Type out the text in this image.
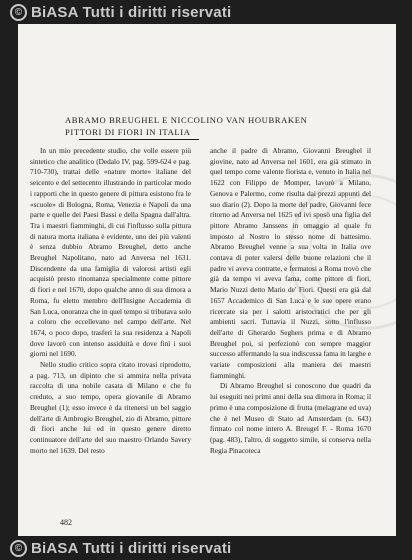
© BiASA Tutti i diritti riservati
ABRAMO BREUGHEL E NICCOLINO VAN HOUBRAKEN
PITTORI DI FIORI IN ITALIA

In un mio precedente studio, che volle essere più sintetico che analitico (Dedalo IV, pag. 599-624 e pag. 710-730), trattai delle «nature morte» italiane del seicento e del settecento illustrando in particolar modo i rapporti che in questo genere di pittura esistono fra le «scuole» di Bologna, Roma, Venezia e Napoli da una parte e quelle dei Paesi Bassi e della Spagna dall'altra. Tra i maestri fiamminghi, di cui l'influsso sulla pittura di natura morta italiana è evidente, uno dei più valenti è senza dubbio Abramo Breughel, detto anche Breughel Napolitano, nato ad Anversa nel 1631. Discendente da una famiglia di valorosi artisti egli acquistò presto rinomanza specialmente come pittore di fiori e nel 1670, dopo qualche anno di sua dimora a Roma, fu eletto membro dell'Insigne Accademia di San Luca, onoranza che in quel tempo si tributava solo a coloro che eccellevano nel campo dell'arte. Nel 1674, o poco dopo, trasferì la sua residenza a Napoli dove lavorò con intenso assiduità e dove finì i suoi giorni nel 1690.

Nello studio critico sopra citato trovasi riprodotto, a pag. 713, un dipinto che si ammira nella privata raccolta di una nobile casata di Milano e che fu creduto, a suo tempo, opera giovanile di Abramo Breughel (1); esso invece è da ritenersi un bel saggio dell'arte di Ambrogio Breughel, zio di Abramo, pittore di fiori anche lui ed in questo genere diretto continuatore dell'arte del suo maestro Orlando Savery morto nel 1639. Del resto

anche il padre di Abramo, Giovanni Breughel il giovine, nato ad Anversa nel 1601, era già stimato in quel tempo come valente fiorista e, venuto in Italia nel 1622 con Filippo de Momper, lavorò a Milano, Genova e Palermo, come risulta dai prezzi appunti del suo diario (2). Dopo la morte del padre, Giovanni fece ritorno ad Anversa nel 1625 ed ivi sposò una figlia del pittore Abramo Janssens in omaggio al quale fu imposto al Nostro lo stesso nome di battesimo. Abramo Breughel venne a sua volta in Italia ove contava di poter valersi delle buone relazioni che il padre vi aveva contratte, e fermatosi a Roma trovò che già da tempo vi aveva fama, come pittore di fiori, Mario Nuzzi detto Mario de' Fiori. Questi era già dal 1657 Accademico di San Luca e le sue opere erano ricercate sia per i salotti aristocratici che per gli ambienti sacri. Tuttavia il Nuzzi, sotto l'influsso dell'arte di Gherardo Seghers prima e di Abramo Breughel poi, si perfezionò con sempre maggior successo affermando la sua indiscussa fama in larghe e variate composizioni alla maniera dei maestri fiamminghi.

Di Abramo Breughel si conoscono due quadri da lui eseguiti nei primi anni della sua dimora in Roma; il primo è una composizione di frutta (melagrane ed uva) che è nel Museo di Stato ad Amsterdam (n. 643) firmato col nome intero A. Breugel F. - Roma 1670 (pag. 483), l'altro, di soggetto simile, si conserva nella Regia Pinacoteca

482
© BiASA Tutti i diritti riservati
